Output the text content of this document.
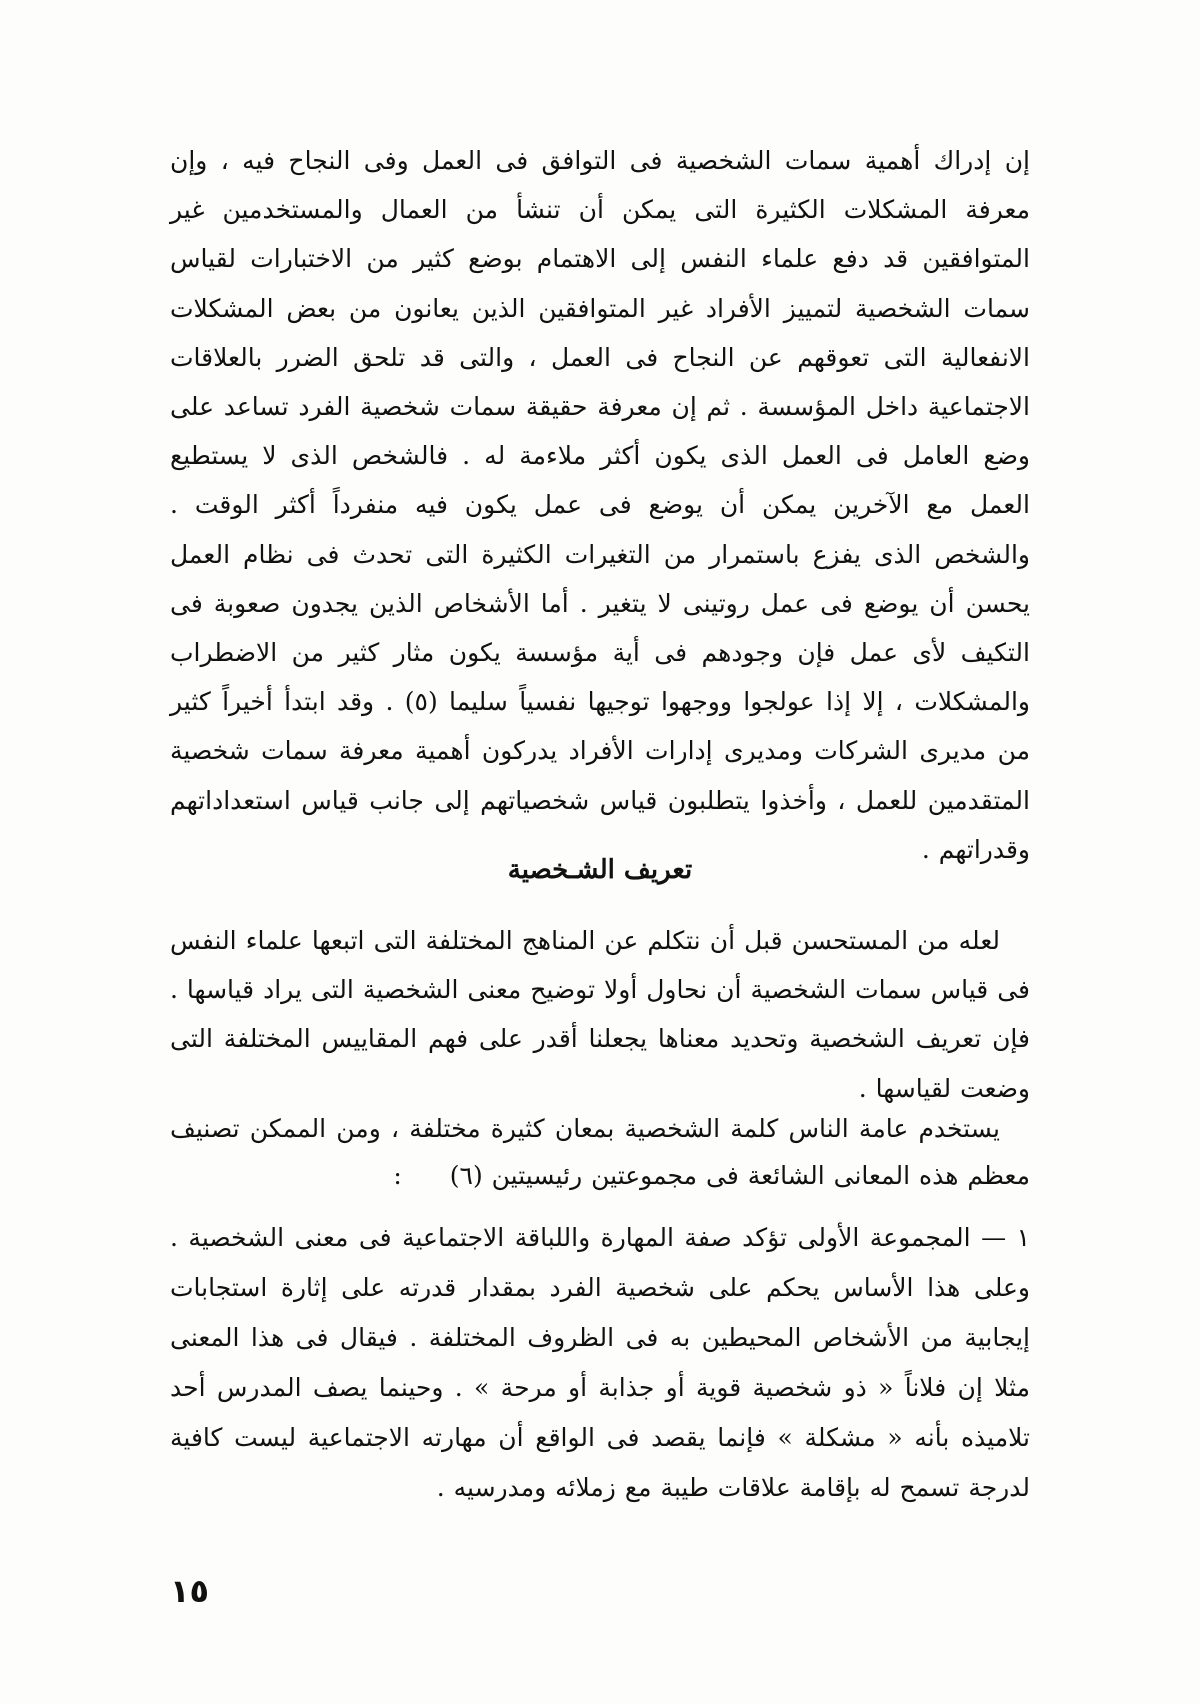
إن إدراك أهمية سمات الشخصية فى التوافق فى العمل وفى النجاح فيه ، وإن معرفة المشكلات الكثيرة التى يمكن أن تنشأ من العمال والمستخدمين غير المتوافقين قد دفع علماء النفس إلى الاهتمام بوضع كثير من الاختبارات لقياس سمات الشخصية لتمييز الأفراد غير المتوافقين الذين يعانون من بعض المشكلات الانفعالية التى تعوقهم عن النجاح فى العمل ، والتى قد تلحق الضرر بالعلاقات الاجتماعية داخل المؤسسة . ثم إن معرفة حقيقة سمات شخصية الفرد تساعد على وضع العامل فى العمل الذى يكون أكثر ملاءمة له . فالشخص الذى لا يستطيع العمل مع الآخرين يمكن أن يوضع فى عمل يكون فيه منفرداً أكثر الوقت . والشخص الذى يفزع باستمرار من التغيرات الكثيرة التى تحدث فى نظام العمل يحسن أن يوضع فى عمل روتينى لا يتغير . أما الأشخاص الذين يجدون صعوبة فى التكيف لأى عمل فإن وجودهم فى أية مؤسسة يكون مثار كثير من الاضطراب والمشكلات ، إلا إذا عولجوا ووجهوا توجيها نفسياً سليما (٥) . وقد ابتدأ أخيراً كثير من مديرى الشركات ومديرى إدارات الأفراد يدركون أهمية معرفة سمات شخصية المتقدمين للعمل ، وأخذوا يتطلبون قياس شخصياتهم إلى جانب قياس استعداداتهم وقدراتهم .

تعريف الشـخصية

لعله من المستحسن قبل أن نتكلم عن المناهج المختلفة التى اتبعها علماء النفس فى قياس سمات الشخصية أن نحاول أولا توضيح معنى الشخصية التى يراد قياسها . فإن تعريف الشخصية وتحديد معناها يجعلنا أقدر على فهم المقاييس المختلفة التى وضعت لقياسها .

يستخدم عامة الناس كلمة الشخصية بمعان كثيرة مختلفة ، ومن الممكن تصنيف معظم هذه المعانى الشائعة فى مجموعتين رئيسيتين (٦):

١ — المجموعة الأولى تؤكد صفة المهارة واللباقة الاجتماعية فى معنى الشخصية . وعلى هذا الأساس يحكم على شخصية الفرد بمقدار قدرته على إثارة استجابات إيجابية من الأشخاص المحيطين به فى الظروف المختلفة . فيقال فى هذا المعنى مثلا إن فلاناً « ذو شخصية قوية أو جذابة أو مرحة » . وحينما يصف المدرس أحد تلاميذه بأنه « مشكلة » فإنما يقصد فى الواقع أن مهارته الاجتماعية ليست كافية لدرجة تسمح له بإقامة علاقات طيبة مع زملائه ومدرسيه .

١٥
